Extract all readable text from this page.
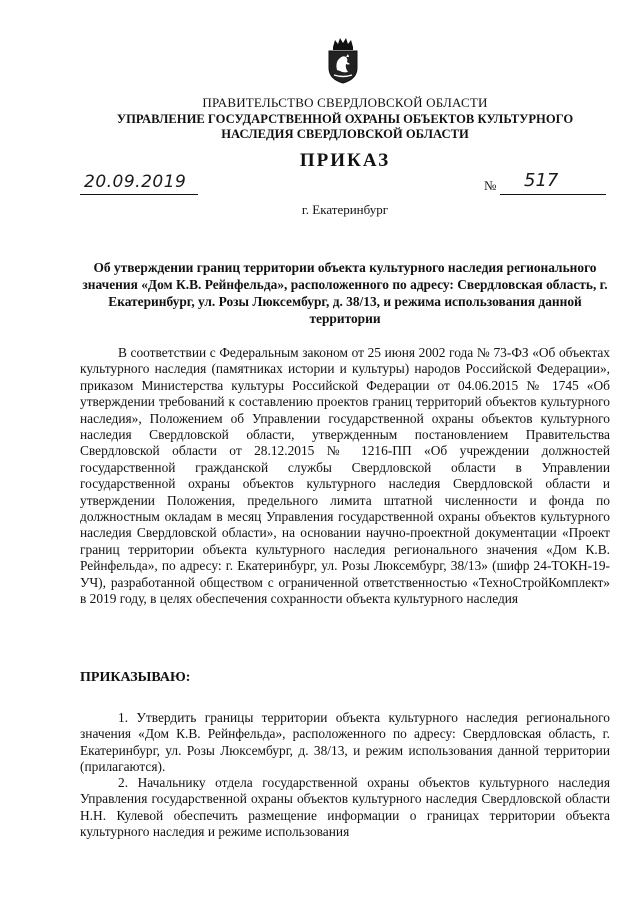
ПРАВИТЕЛЬСТВО СВЕРДЛОВСКОЙ ОБЛАСТИ
УПРАВЛЕНИЕ ГОСУДАРСТВЕННОЙ ОХРАНЫ ОБЪЕКТОВ КУЛЬТУРНОГО НАСЛЕДИЯ СВЕРДЛОВСКОЙ ОБЛАСТИ
ПРИКАЗ
20.09.2019	№ 517
г. Екатеринбург
Об утверждении границ территории объекта культурного наследия регионального значения «Дом К.В. Рейнфельда», расположенного по адресу: Свердловская область, г. Екатеринбург, ул. Розы Люксембург, д. 38/13, и режима использования данной территории
В соответствии с Федеральным законом от 25 июня 2002 года № 73-ФЗ «Об объектах культурного наследия (памятниках истории и культуры) народов Российской Федерации», приказом Министерства культуры Российской Федерации от 04.06.2015 № 1745 «Об утверждении требований к составлению проектов границ территорий объектов культурного наследия», Положением об Управлении государственной охраны объектов культурного наследия Свердловской области, утвержденным постановлением Правительства Свердловской области от 28.12.2015 № 1216-ПП «Об учреждении должностей государственной гражданской службы Свердловской области в Управлении государственной охраны объектов культурного наследия Свердловской области и утверждении Положения, предельного лимита штатной численности и фонда по должностным окладам в месяц Управления государственной охраны объектов культурного наследия Свердловской области», на основании научно-проектной документации «Проект границ территории объекта культурного наследия регионального значения «Дом К.В. Рейнфельда», по адресу: г. Екатеринбург, ул. Розы Люксембург, 38/13» (шифр 24-ТОКН-19-УЧ), разработанной обществом с ограниченной ответственностью «ТехноСтройКомплект» в 2019 году, в целях обеспечения сохранности объекта культурного наследия
ПРИКАЗЫВАЮ:
1. Утвердить границы территории объекта культурного наследия регионального значения «Дом К.В. Рейнфельда», расположенного по адресу: Свердловская область, г. Екатеринбург, ул. Розы Люксембург, д. 38/13, и режим использования данной территории (прилагаются).
2. Начальнику отдела государственной охраны объектов культурного наследия Управления государственной охраны объектов культурного наследия Свердловской области Н.Н. Кулевой обеспечить размещение информации о границах территории объекта культурного наследия и режиме использования
